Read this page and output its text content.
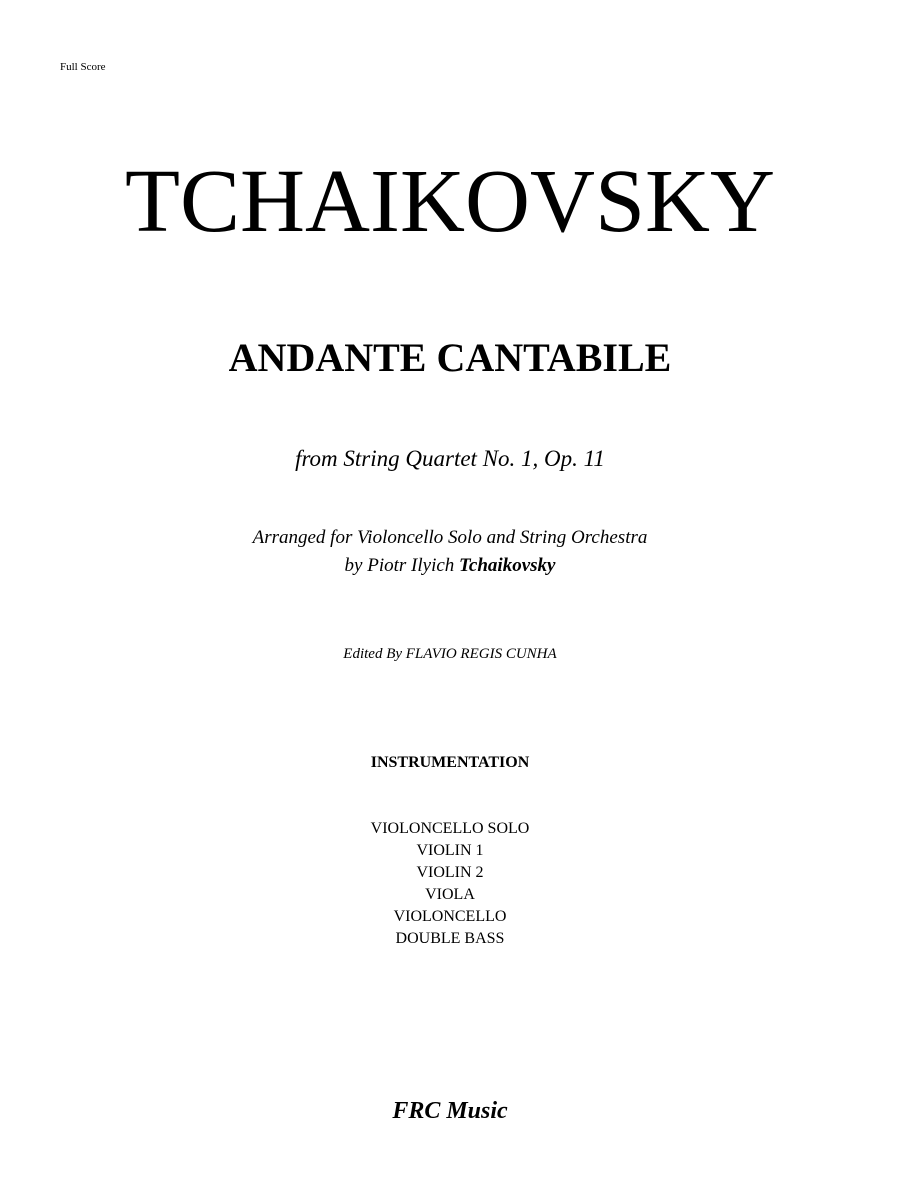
Full Score
TCHAIKOVSKY
ANDANTE CANTABILE
from String Quartet No. 1, Op. 11
Arranged for Violoncello Solo and String Orchestra
by Piotr Ilyich Tchaikovsky
Edited By FLAVIO REGIS CUNHA
INSTRUMENTATION
VIOLONCELLO SOLO
VIOLIN 1
VIOLIN 2
VIOLA
VIOLONCELLO
DOUBLE BASS
FRC Music
